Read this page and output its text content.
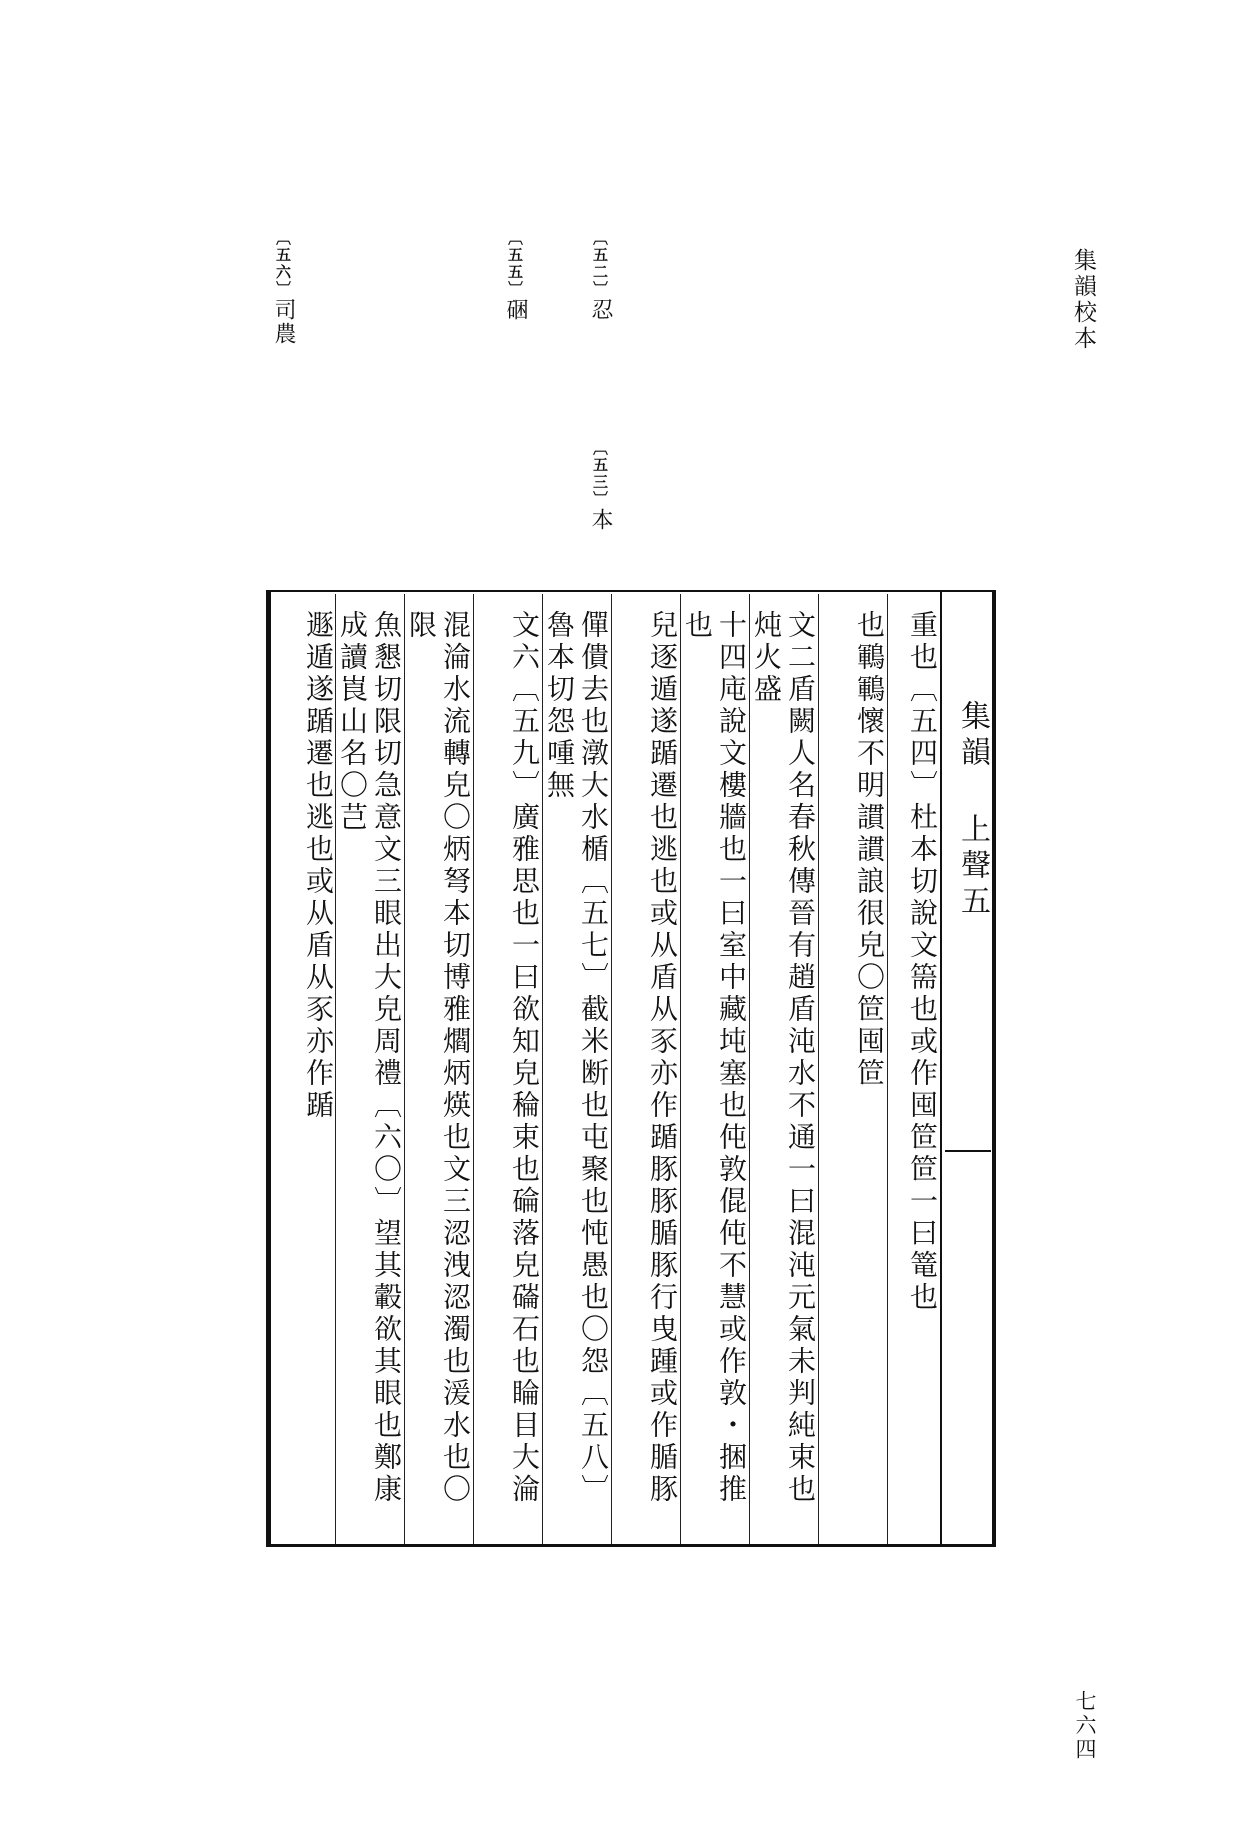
集韻校本
七六四
〔五二〕忍
〔五三〕本
〔五五〕硱
〔五六〕司農
集韻 上聲五
重也〔五四〕杜本切說文篅也或作囤笸笸一曰篭也
也鶤鶤懷不明謴謴誏很皃〇笸囤笸
文二盾闕人名春秋傳晉有趙盾沌水不通一曰混沌元氣未判純束也炖火盛
十四庉說文樓牆也一曰室中藏坉塞也伅敦倱伅不慧或作敦・捆推也
兒逐遁遂踲遷也逃也或从盾从豕亦作踲豚豚腯豚行曳踵或作腯豚
僤僓去也潡大水楯〔五七〕截米断也屯聚也忳愚也〇怨〔五八〕魯本切怨喠無
文六〔五九〕廣雅思也一曰欲知皃稐束也碖落皃磮石也睔目大淪
混淪水流轉皃〇炳弩本切博雅爓炳煐也文三涊洩涊濁也湲水也〇限
魚懇切限切急意文三眼出大皃周禮〔六〇〕望其轂欲其眼也鄭康成讀崀山名〇芑
遯遁遂踲遷也逃也或从盾从豕亦作踲
